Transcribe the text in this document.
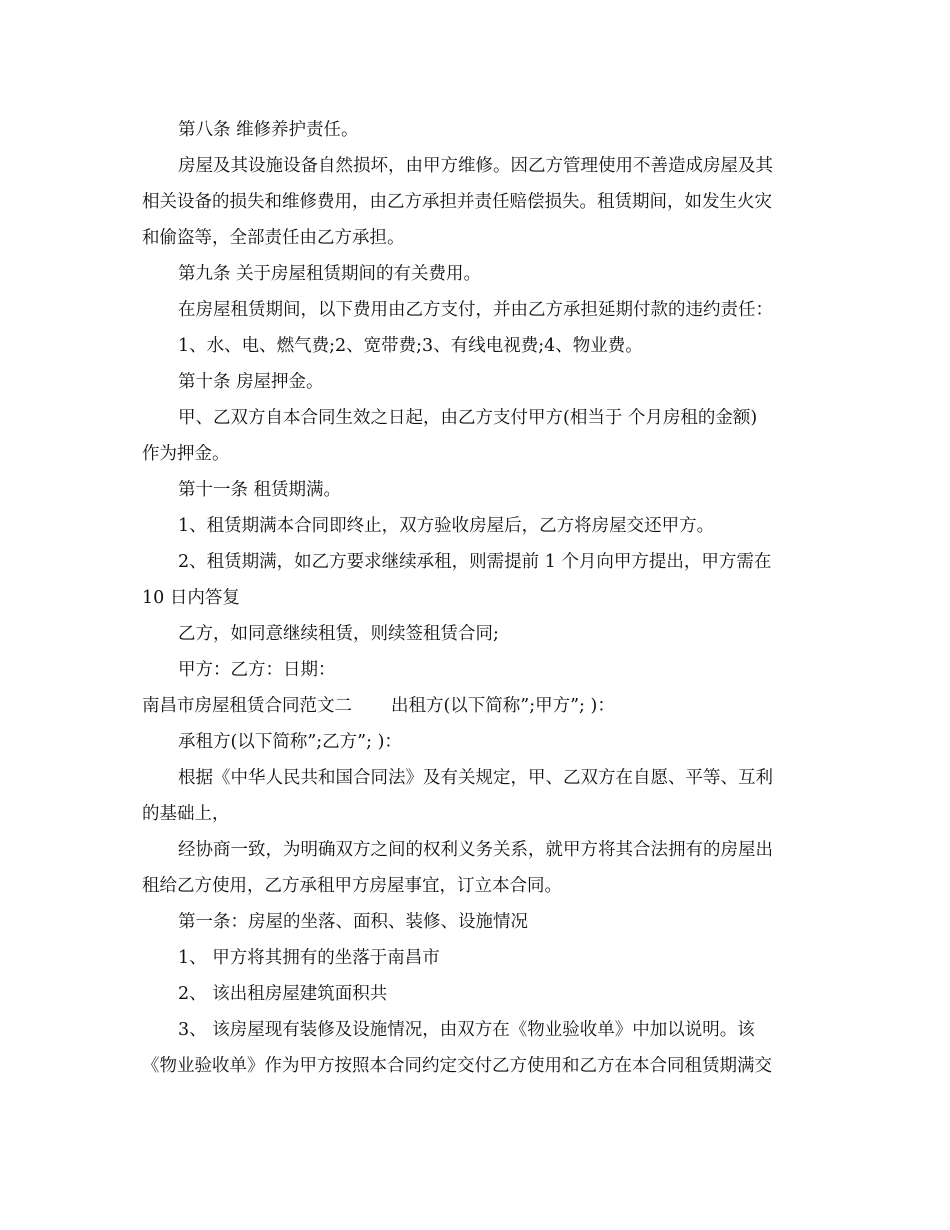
第八条 维修养护责任。
房屋及其设施设备自然损坏，由甲方维修。因乙方管理使用不善造成房屋及其
相关设备的损失和维修费用，由乙方承担并责任赔偿损失。租赁期间，如发生火灾
和偷盗等，全部责任由乙方承担。
第九条 关于房屋租赁期间的有关费用。
在房屋租赁期间，以下费用由乙方支付，并由乙方承担延期付款的违约责任：
1、水、电、燃气费;2、宽带费;3、有线电视费;4、物业费。
第十条 房屋押金。
甲、乙双方自本合同生效之日起，由乙方支付甲方(相当于 个月房租的金额)
作为押金。
第十一条 租赁期满。
1、租赁期满本合同即终止，双方验收房屋后，乙方将房屋交还甲方。
2、租赁期满，如乙方要求继续承租，则需提前 1 个月向甲方提出，甲方需在
10 日内答复
乙方，如同意继续租赁，则续签租赁合同;
甲方：乙方：日期：
南昌市房屋租赁合同范文二       出租方(以下简称”;甲方”; )：
承租方(以下简称”;乙方”; )：
根据《中华人民共和国合同法》及有关规定，甲、乙双方在自愿、平等、互利
的基础上，
经协商一致，为明确双方之间的权利义务关系，就甲方将其合法拥有的房屋出
租给乙方使用，乙方承租甲方房屋事宜，订立本合同。
第一条：房屋的坐落、面积、装修、设施情况
1、 甲方将其拥有的坐落于南昌市
2、 该出租房屋建筑面积共
3、 该房屋现有装修及设施情况，由双方在《物业验收单》中加以说明。该
《物业验收单》作为甲方按照本合同约定交付乙方使用和乙方在本合同租赁期满交
